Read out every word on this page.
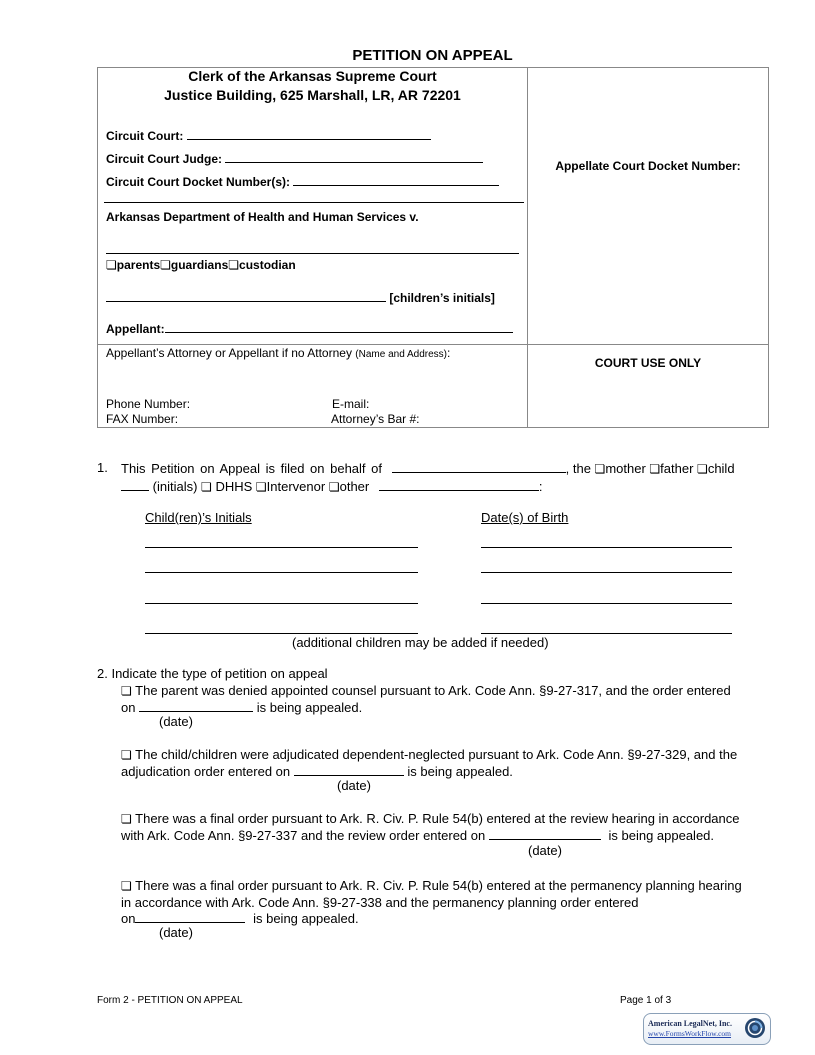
PETITION ON APPEAL
Clerk of the Arkansas Supreme Court
Justice Building, 625 Marshall, LR, AR 72201
Circuit Court:
Circuit Court Judge:
Circuit Court Docket Number(s):
Arkansas Department of Health and Human Services v.
❏parents❏guardians❏custodian
[children’s initials]
Appellant:
Appellate Court Docket Number:
Appellant’s Attorney or Appellant if no Attorney (Name and Address):
Phone Number:
FAX Number:
E-mail:
Attorney’s Bar #:
COURT USE ONLY
1. This Petition on Appeal is filed on behalf of	, the ❏mother ❏father ❏child
(initials) ❏ DHHS ❏Intervenor ❏other	:
Child(ren)’s Initials	Date(s) of Birth
(additional children may be added if needed)
2. Indicate the type of petition on appeal
❏ The parent was denied appointed counsel pursuant to Ark. Code Ann. §9-27-317, and the order entered
on	is being appealed.
(date)
❏ The child/children were adjudicated dependent-neglected pursuant to Ark. Code Ann. §9-27-329, and the
adjudication order entered on	is being appealed.
(date)
❏ There was a final order pursuant to Ark. R. Civ. P. Rule 54(b) entered at the review hearing in accordance
with Ark. Code Ann. §9-27-337 and the review order entered on	is being appealed.
(date)
❏ There was a final order pursuant to Ark. R. Civ. P. Rule 54(b) entered at the permanency planning hearing
in accordance with Ark. Code Ann. §9-27-338 and the permanency planning order entered
on	is being appealed.
(date)
Form 2 - PETITION ON APPEAL	Page 1 of 3
American LegalNet, Inc.
www.FormsWorkFlow.com
